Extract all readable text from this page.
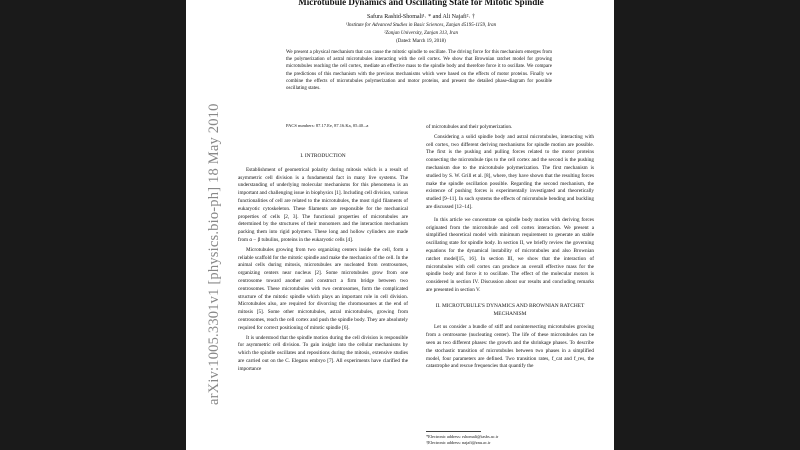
Microtubule Dynamics and Oscillating State for Mitotic Spindle
Safura Rashid-Shomali¹˒ * and Ali Najafi²˒ †
¹Institute for Advanced Studies in Basic Sciences, Zanjan 45195-1159, Iran
²Zanjan University, Zanjan 313, Iran
(Dated: March 19, 2018)
We present a physical mechanism that can cause the mitotic spindle to oscillate. The driving force for this mechanism emerges from the polymerization of astral microtubules interacting with the cell cortex. We show that Brownian ratchet model for growing microtubules reaching the cell cortex, mediate an effective mass to the spindle body and therefore force it to oscillate. We compare the predictions of this mechanism with the previous mechanisms which were based on the effects of motor proteins. Finally we combine the effects of microtubules polymerization and motor proteins, and present the detailed phase-diagram for possible oscillating states.
PACS numbers: 87.17.Ee, 87.16.Ka, 05.40.–a
I. INTRODUCTION

Establishment of geometrical polarity during mitosis which is a result of asymmetric cell division is a fundamental fact in many live systems. The understanding of underlying molecular mechanisms for this phenomena is an important and challenging issue in biophysics [1]. Including cell division, various functionalities of cell are related to the microtubules, the most rigid filaments of eukaryotic cytoskeleton. These filaments are responsible for the mechanical properties of cells [2, 3]. The functional properties of microtubules are determined by the structures of their monomers and the interaction mechanism packing them into rigid polymers. These long and hollow cylinders are made from α − β tubulins, proteins in the eukaryotic cells [4].

Microtubules growing from two organizing centers inside the cell, form a reliable scaffold for the mitotic spindle and make the mechanics of the cell. In the animal cells during mitosis, microtubules are nucleated from centrosomes, organizing centers near nucleus [2]. Some microtubules grow from one centrosome toward another and construct a firm bridge between two centrosomes. These microtubules with two centrosomes, form the complicated structure of the mitotic spindle which plays an important role in cell division. Microtubules also, are required for divorcing the chromosomes at the end of mitosis [5]. Some other microtubules, astral microtubules, growing from centrosomes, reach the cell cortex and push the spindle body. They are absolutely required for correct positioning of mitotic spindle [6].

It is understood that the spindle motion during the cell division is responsible for asymmetric cell division. To gain insight into the cellular mechanisms by which the spindle oscillates and repositions during the mitosis, extensive studies are carried out on the C. Elegans embryo [7]. All experiments have clarified the importance

of microtubules and their polymerization.

Considering a solid spindle body and astral microtubules, interacting with cell cortex, two different deriving mechanisms for spindle motion are possible. The first is the pushing and pulling forces related to the motor proteins connecting the microtubule tips to the cell cortex and the second is the pushing mechanism due to the microtubule polymerization. The first mechanism is studied by S. W. Grill et al. [8], where, they have shown that the resulting forces make the spindle oscillation possible. Regarding the second mechanism, the existence of pushing forces is experimentally investigated and theoretically studied [9–11]. In such systems the effects of microtubule bending and buckling are discussed [12–14].

In this article we concentrate on spindle body motion with deriving forces originated from the microtubule and cell cortex interaction. We present a simplified theoretical model with minimum requirement to generate an stable oscillating state for spindle body. In section II, we briefly review the governing equations for the dynamical instability of microtubules and also Brownian ratchet model[15, 16]. In section III, we show that the interaction of microtubules with cell cortex can produce an overall effective mass for the spindle body and force it to oscillate. The effect of the molecular motors is considered in section IV. Discussion about our results and concluding remarks are presented in section V.

II. MICROTUBULE'S DYNAMICS AND BROWNIAN RATCHET MECHANISM

Let us consider a bundle of stiff and nonintersecting microtubules growing from a centrosome (nucleating center). The life of these microtubules can be seen as two different phases: the growth and the shrinkage phases. To describe the stochastic transition of microtubules between two phases in a simplified model, four parameters are defined. Two transition rates, f_cat and f_res, the catastrophe and rescue frequencies that quantify the

*Electronic address: rshomali@iasbs.ac.ir
†Electronic address: najafi@znu.ac.ir
arXiv:1005.3301v1 [physics.bio-ph] 18 May 2010
